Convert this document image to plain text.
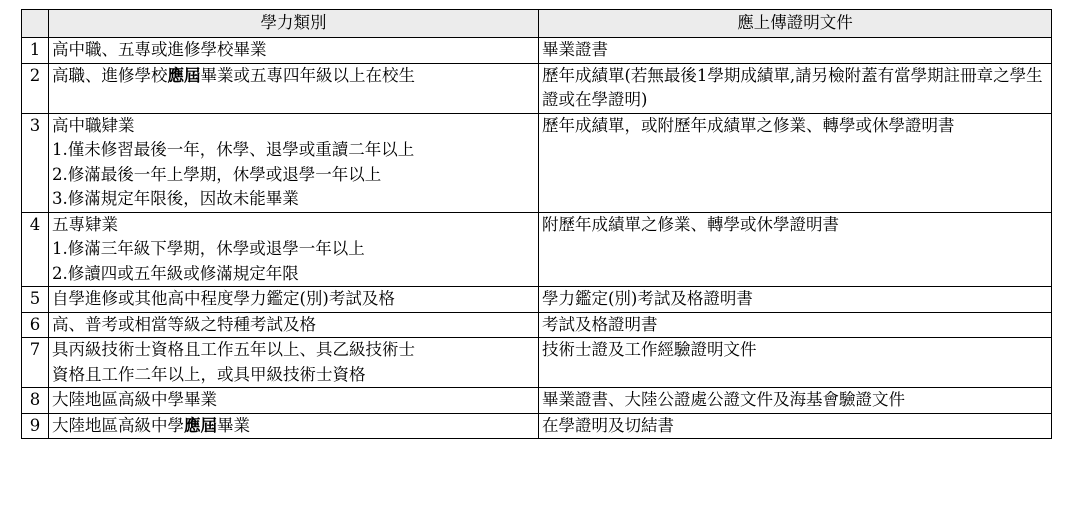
	學力類別	應上傳證明文件
1	高中職、五專或進修學校畢業	畢業證書

2	高職、進修學校應屆畢業或五專四年級以上在校生	歷年成績單(若無最後1學期成績單,請另檢附蓋有當學期註冊章之學生證或在學證明)

3	高中職肄業
1.僅未修習最後一年，休學、退學或重讀二年以上
2.修滿最後一年上學期，休學或退學一年以上
3.修滿規定年限後，因故未能畢業	歷年成績單，或附歷年成績單之修業、轉學或休學證明書

4	五專肄業
1.修滿三年級下學期，休學或退學一年以上
2.修讀四或五年級或修滿規定年限	附歷年成績單之修業、轉學或休學證明書

5	自學進修或其他高中程度學力鑑定(別)考試及格	學力鑑定(別)考試及格證明書

6	高、普考或相當等級之特種考試及格	考試及格證明書

7	具丙級技術士資格且工作五年以上、具乙級技術士
資格且工作二年以上，或具甲級技術士資格	技術士證及工作經驗證明文件

8	大陸地區高級中學畢業	畢業證書、大陸公證處公證文件及海基會驗證文件

9	大陸地區高級中學應屆畢業	在學證明及切結書
